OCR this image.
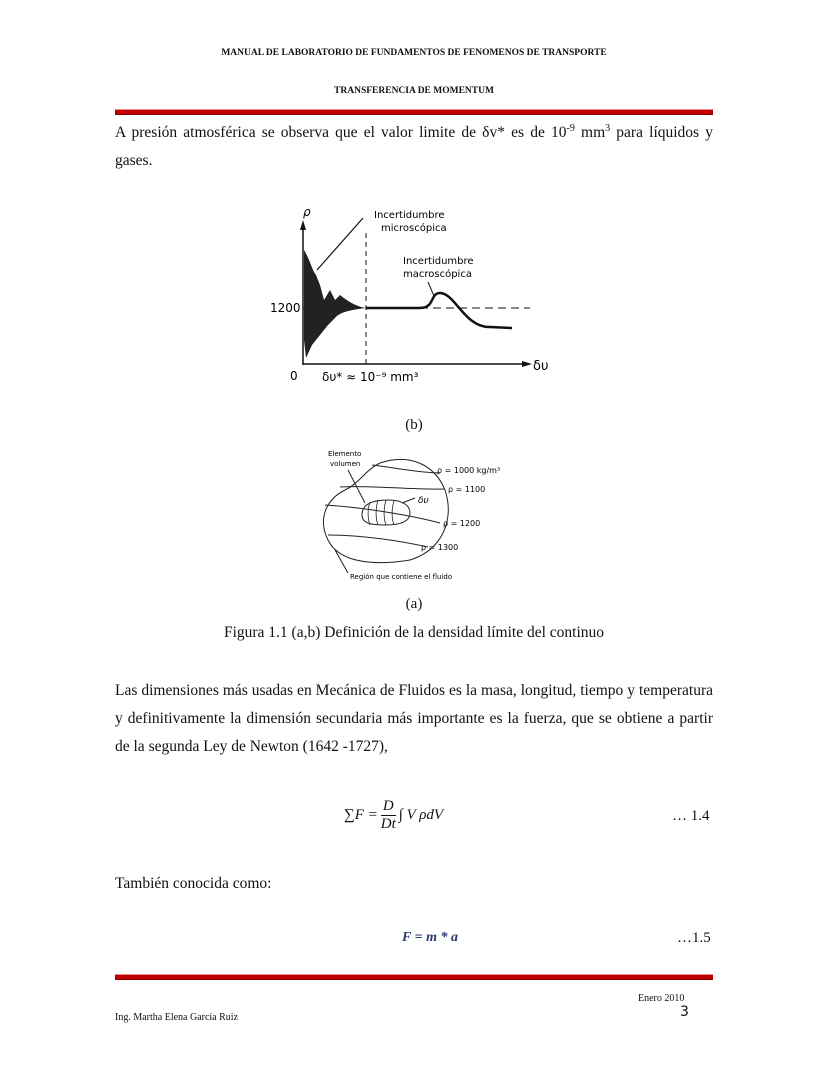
MANUAL DE LABORATORIO DE FUNDAMENTOS DE FENOMENOS DE TRANSPORTE
TRANSFERENCIA DE MOMENTUM
A presión atmosférica se observa que el valor limite de δv* es de $10^{-9}$ $mm^3$ para líquidos y gases.
ρ
1200
0
δυ
δυ* ≈ 10⁻⁹ mm³
Incertidumbre
microscópica
Incertidumbre
macroscópica
(b)
Elemento
volumen
ρ = 1000 kg/m³
ρ = 1100
δυ
ρ = 1200
ρ = 1300
Región que contiene el fluido
(a)
Figura 1.1 (a,b) Definición de la densidad límite del continuo
Las dimensiones más usadas en Mecánica de Fluidos es la masa, longitud, tiempo y temperatura y definitivamente la dimensión secundaria más importante es la fuerza, que se obtiene a partir de la segunda Ley de Newton (1642 -1727),
$\sum F = \frac{D}{Dt}$ ∫ V ρdV	… 1.4
También conocida como:
F = m * a	…1.5
Enero 2010
Ing. Martha Elena García Ruiz	3
